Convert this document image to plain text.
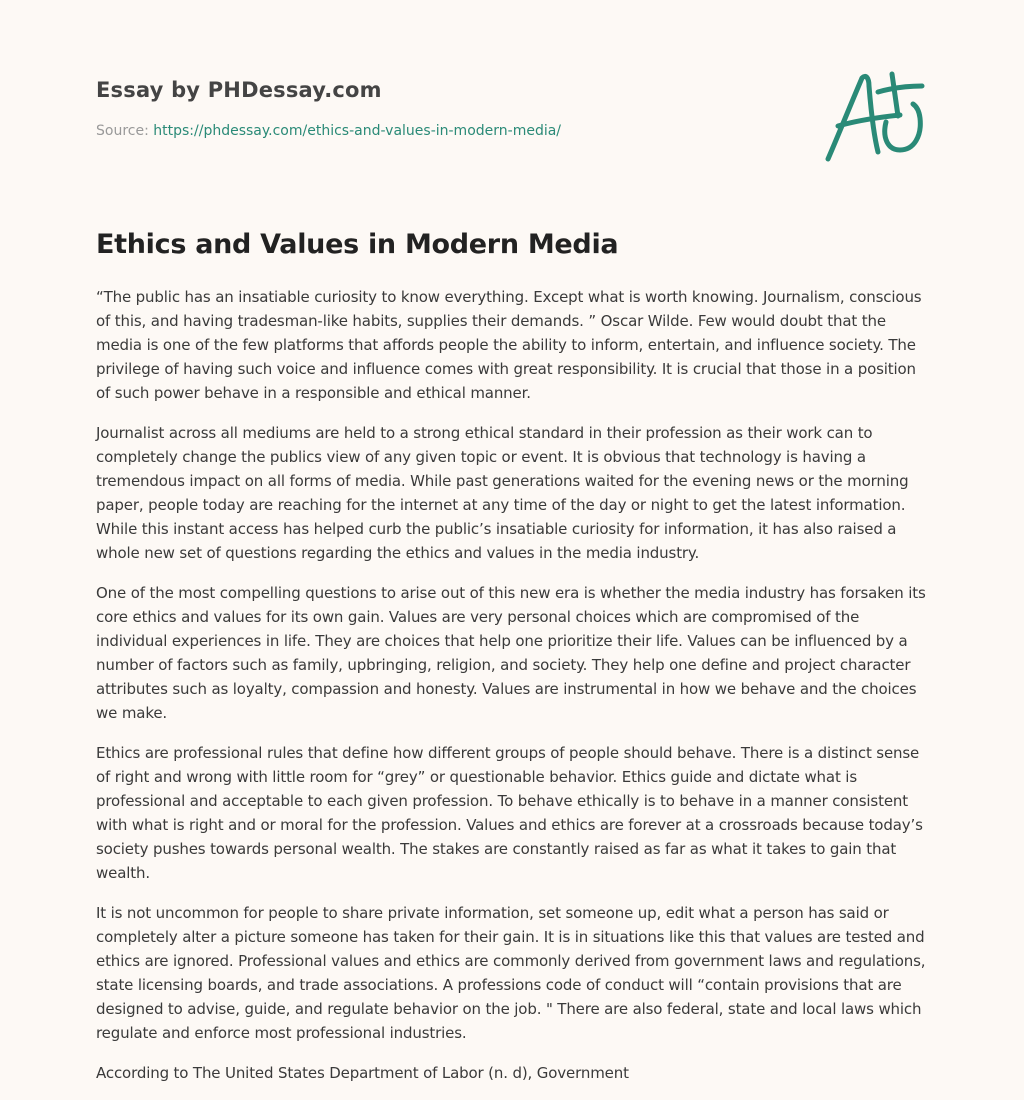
Essay by PHDessay.com
Source: https://phdessay.com/ethics-and-values-in-modern-media/
Ethics and Values in Modern Media

“The public has an insatiable curiosity to know everything. Except what is worth knowing. Journalism, conscious of this, and having tradesman-like habits, supplies their demands. ” Oscar Wilde. Few would doubt that the media is one of the few platforms that affords people the ability to inform, entertain, and influence society. The privilege of having such voice and influence comes with great responsibility. It is crucial that those in a position of such power behave in a responsible and ethical manner.

Journalist across all mediums are held to a strong ethical standard in their profession as their work can to completely change the publics view of any given topic or event. It is obvious that technology is having a tremendous impact on all forms of media. While past generations waited for the evening news or the morning paper, people today are reaching for the internet at any time of the day or night to get the latest information. While this instant access has helped curb the public’s insatiable curiosity for information, it has also raised a whole new set of questions regarding the ethics and values in the media industry.

One of the most compelling questions to arise out of this new era is whether the media industry has forsaken its core ethics and values for its own gain. Values are very personal choices which are compromised of the individual experiences in life. They are choices that help one prioritize their life. Values can be influenced by a number of factors such as family, upbringing, religion, and society. They help one define and project character attributes such as loyalty, compassion and honesty. Values are instrumental in how we behave and the choices we make.

Ethics are professional rules that define how different groups of people should behave. There is a distinct sense of right and wrong with little room for “grey” or questionable behavior. Ethics guide and dictate what is professional and acceptable to each given profession. To behave ethically is to behave in a manner consistent with what is right and or moral for the profession. Values and ethics are forever at a crossroads because today’s society pushes towards personal wealth. The stakes are constantly raised as far as what it takes to gain that wealth.

It is not uncommon for people to share private information, set someone up, edit what a person has said or completely alter a picture someone has taken for their gain. It is in situations like this that values are tested and ethics are ignored. Professional values and ethics are commonly derived from government laws and regulations, state licensing boards, and trade associations. A professions code of conduct will “contain provisions that are designed to advise, guide, and regulate behavior on the job. " There are also federal, state and local laws which regulate and enforce most professional industries.

According to The United States Department of Labor (n. d), Government
